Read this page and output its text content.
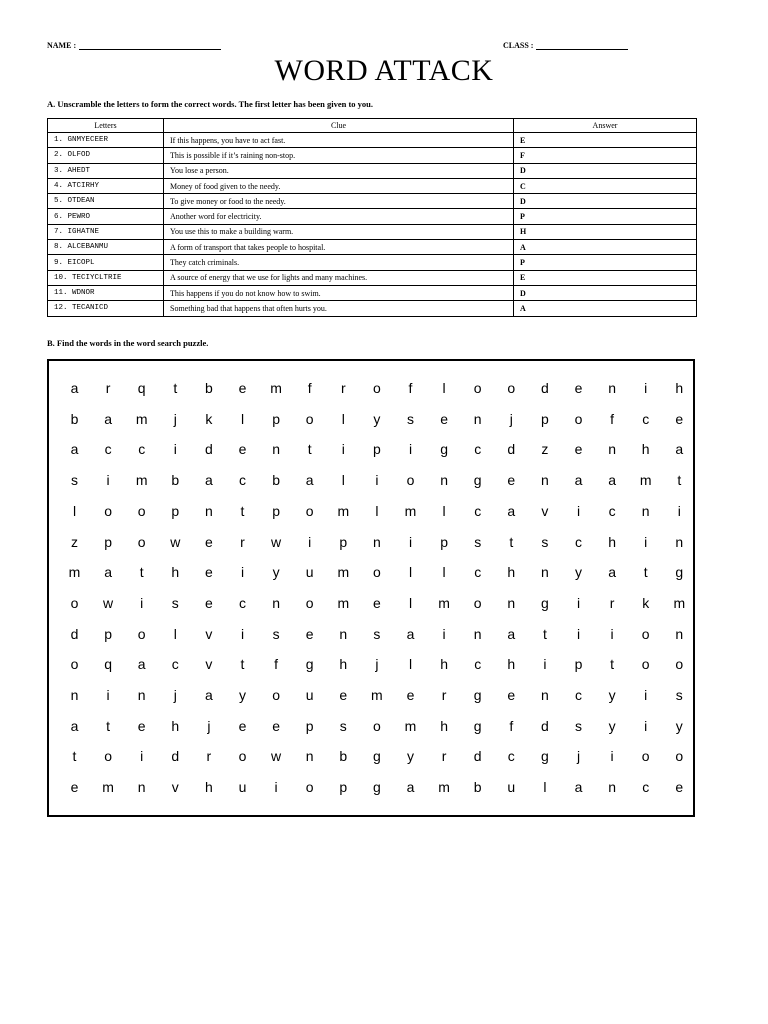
NAME :	CLASS :
WORD ATTACK
A. Unscramble the letters to form the correct words. The first letter has been given to you.
Letters	Clue	Answer
1. GNMYECEER	If this happens, you have to act fast.	E
2. OLFOD	This is possible if it’s raining non-stop.	F
3. AHEDT	You lose a person.	D
4. ATCIRHY	Money of food given to the needy.	C
5. OTDEAN	To give money or food to the needy.	D
6. PEWRO	Another word for electricity.	P
7. IGHATNE	You use this to make a building warm.	H
8. ALCEBANMU	A form of transport that takes people to hospital.	A
9. EICOPL	They catch criminals.	P
10. TECIYCLTRIE	A source of energy that we use for lights and many machines.	E
11. WDNOR	This happens if you do not know how to swim.	D
12. TECANICD	Something bad that happens that often hurts you.	A
B. Find the words in the word search puzzle.
a	r	q	t	b	e	m	f	r	o	f	l	o	o	d	e	n	i	h
b	a	m	j	k	l	p	o	l	y	s	e	n	j	p	o	f	c	e
a	c	c	i	d	e	n	t	i	p	i	g	c	d	z	e	n	h	a
s	i	m	b	a	c	b	a	l	i	o	n	g	e	n	a	a	m	t
l	o	o	p	n	t	p	o	m	l	m	l	c	a	v	i	c	n	i
z	p	o	w	e	r	w	i	p	n	i	p	s	t	s	c	h	i	n
m	a	t	h	e	i	y	u	m	o	l	l	c	h	n	y	a	t	g
o	w	i	s	e	c	n	o	m	e	l	m	o	n	g	i	r	k	m
d	p	o	l	v	i	s	e	n	s	a	i	n	a	t	i	i	o	n
o	q	a	c	v	t	f	g	h	j	l	h	c	h	i	p	t	o	o
n	i	n	j	a	y	o	u	e	m	e	r	g	e	n	c	y	i	s
a	t	e	h	j	e	e	p	s	o	m	h	g	f	d	s	y	i	y
t	o	i	d	r	o	w	n	b	g	y	r	d	c	g	j	i	o	o
e	m	n	v	h	u	i	o	p	g	a	m	b	u	l	a	n	c	e
